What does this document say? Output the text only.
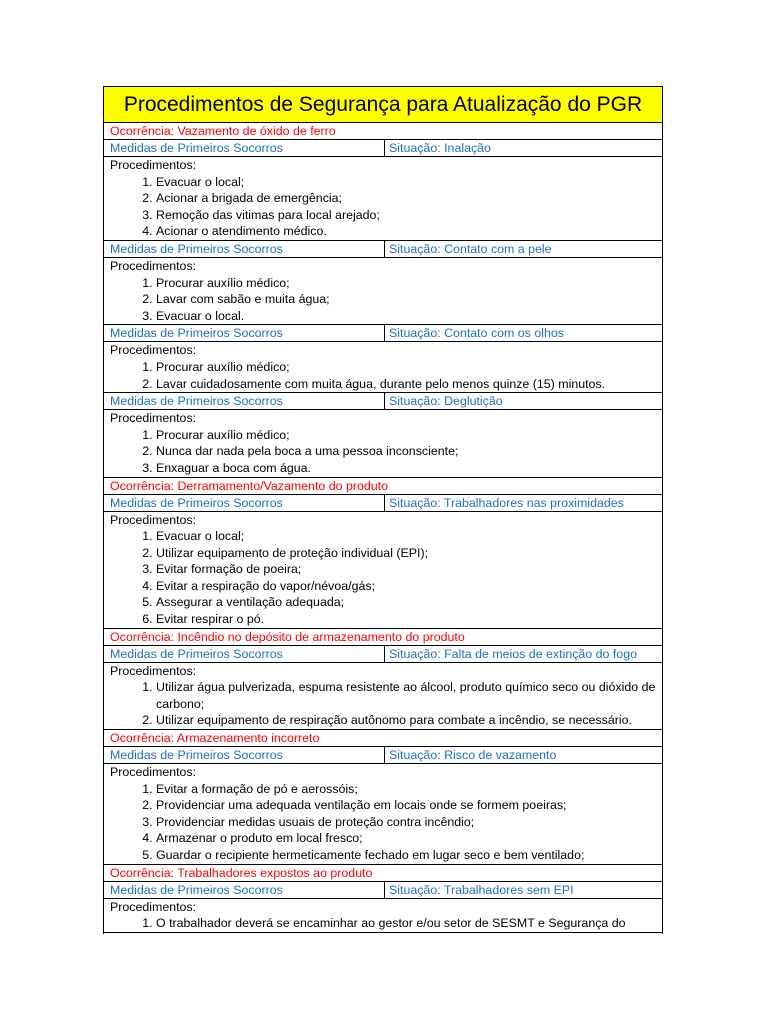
Procedimentos de Segurança para Atualização do PGR
Ocorrência: Vazamento de óxido de ferro
Medidas de Primeiros Socorros	Situação: Inalação
Procedimentos:
1. Evacuar o local;
2. Acionar a brigada de emergência;
3. Remoção das vitimas para local arejado;
4. Acionar o atendimento médico.
Medidas de Primeiros Socorros	Situação: Contato com a pele
Procedimentos:
1. Procurar auxílio médico;
2. Lavar com sabão e muita água;
3. Evacuar o local.
Medidas de Primeiros Socorros	Situação: Contato com os olhos
Procedimentos:
1. Procurar auxílio médico;
2. Lavar cuidadosamente com muita água, durante pelo menos quinze (15) minutos.
Medidas de Primeiros Socorros	Situação: Deglutição
Procedimentos:
1. Procurar auxílio médico;
2. Nunca dar nada pela boca a uma pessoa inconsciente;
3. Enxaguar a boca com água.
Ocorrência: Derramamento/Vazamento do produto
Medidas de Primeiros Socorros	Situação: Trabalhadores nas proximidades
Procedimentos:
1. Evacuar o local;
2. Utilizar equipamento de proteção individual (EPI);
3. Evitar formação de poeira;
4. Evitar a respiração do vapor/névoa/gás;
5. Assegurar a ventilação adequada;
6. Evitar respirar o pó.
Ocorrência: Incêndio no depósito de armazenamento do produto
Medidas de Primeiros Socorros	Situação: Falta de meios de extinção do fogo
Procedimentos:
1. Utilizar água pulverizada, espuma resistente ao álcool, produto químico seco ou dióxido de carbono;
2. Utilizar equipamento de respiração autônomo para combate a incêndio, se necessário.
Ocorrência: Armazenamento incorreto
Medidas de Primeiros Socorros	Situação: Risco de vazamento
Procedimentos:
1. Evitar a formação de pó e aerossóis;
2. Providenciar uma adequada ventilação em locais onde se formem poeiras;
3. Providenciar medidas usuais de proteção contra incêndio;
4. Armazenar o produto em local fresco;
5. Guardar o recipiente hermeticamente fechado em lugar seco e bem ventilado;
Ocorrência: Trabalhadores expostos ao produto
Medidas de Primeiros Socorros	Situação: Trabalhadores sem EPI
Procedimentos:
1. O trabalhador deverá se encaminhar ao gestor e/ou setor de SESMT e Segurança do
